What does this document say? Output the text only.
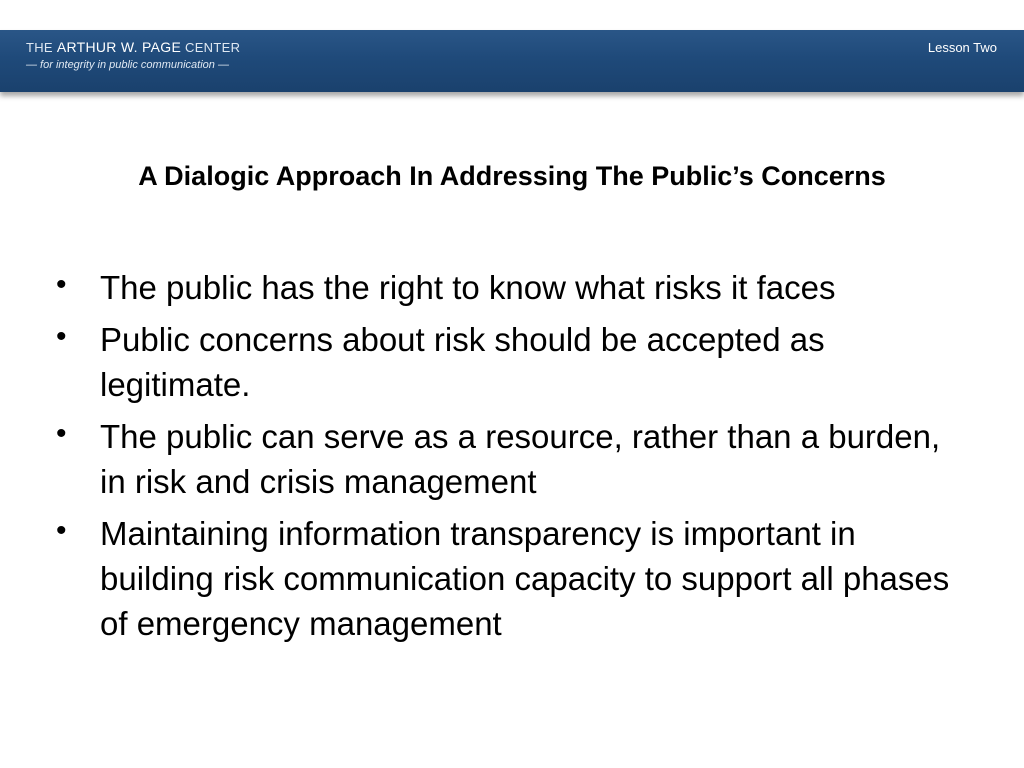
THE ARTHUR W. PAGE CENTER
— for integrity in public communication —
Lesson Two
A Dialogic Approach In Addressing The Public’s Concerns
• The public has the right to know what risks it faces
• Public concerns about risk should be accepted as legitimate.
• The public can serve as a resource, rather than a burden, in risk and crisis management
• Maintaining information transparency is important in building risk communication capacity to support all phases of emergency management
